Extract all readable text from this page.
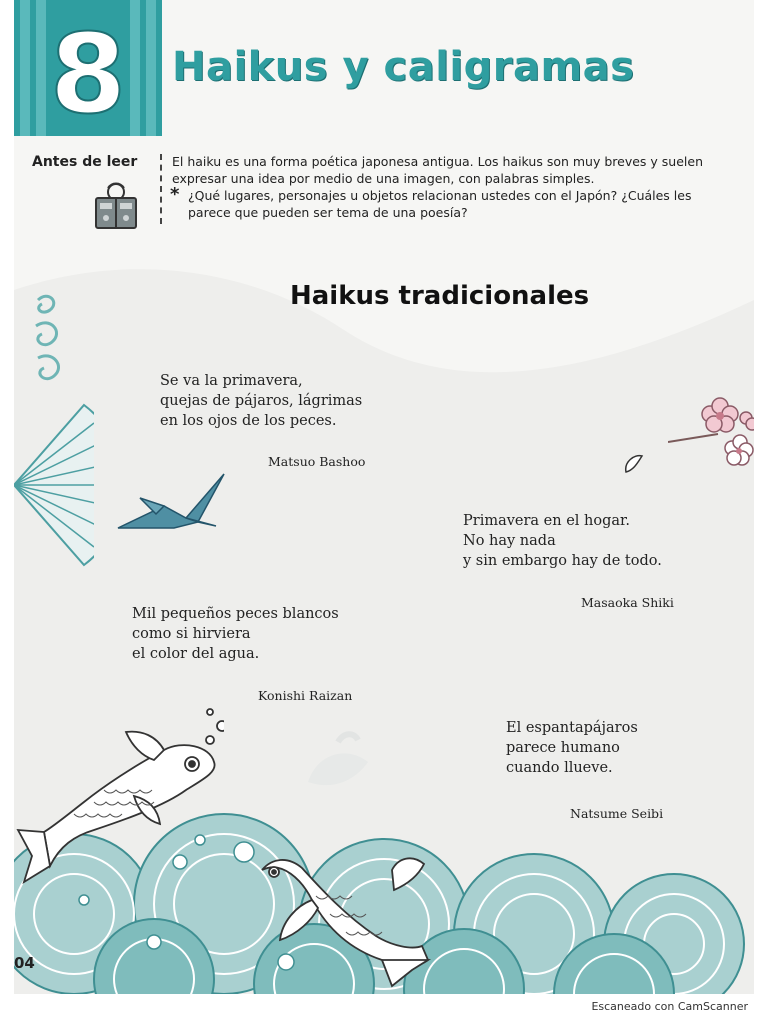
8 Haikus y caligramas
Antes de leer	El haiku es una forma poética japonesa antigua. Los haikus son muy breves y suelen
expresar una idea por medio de una imagen, con palabras simples.
* ¿Qué lugares, personajes u objetos relacionan ustedes con el Japón? ¿Cuáles les
parece que pueden ser tema de una poesía?
Haikus tradicionales
Se va la primavera,
quejas de pájaros, lágrimas
en los ojos de los peces.
Matsuo Bashoo
Primavera en el hogar.
No hay nada
y sin embargo hay de todo.
Masaoka Shiki
Mil pequeños peces blancos
como si hirviera
el color del agua.
Konishi Raizan
El espantapájaros
parece humano
cuando llueve.
Natsume Seibi
04
Escaneado con CamScanner
